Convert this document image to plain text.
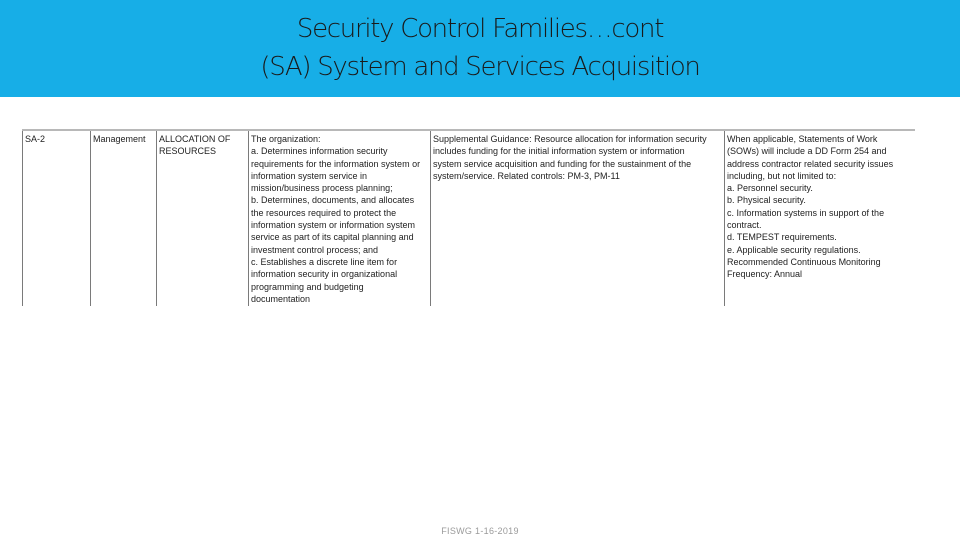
Security Control Families…cont
(SA) System and Services Acquisition
SA-2	Management	ALLOCATION OF
RESOURCES
The organization:
a. Determines information security
requirements for the information system or
information system service in
mission/business process planning;
b. Determines, documents, and allocates
the resources required to protect the
information system or information system
service as part of its capital planning and
investment control process; and
c. Establishes a discrete line item for
information security in organizational
programming and budgeting
documentation
Supplemental Guidance: Resource allocation for information security
includes funding for the initial information system or information
system service acquisition and funding for the sustainment of the
system/service. Related controls: PM-3, PM-11
When applicable, Statements of Work
(SOWs) will include a DD Form 254 and
address contractor related security issues
including, but not limited to:
a. Personnel security.
b. Physical security.
c. Information systems in support of the
contract.
d. TEMPEST requirements.
e. Applicable security regulations.
Recommended Continuous Monitoring
Frequency: Annual
FISWG 1-16-2019
